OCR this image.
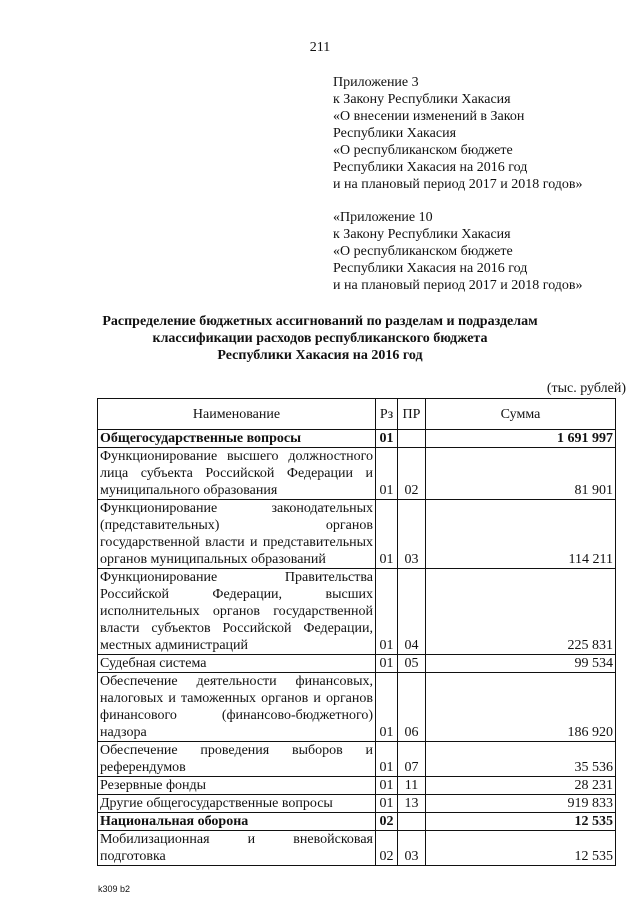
211
Приложение 3
к Закону Республики Хакасия
«О внесении изменений в Закон
Республики Хакасия
«О республиканском бюджете
Республики Хакасия на 2016 год
и на плановый период 2017 и 2018 годов»
«Приложение 10
к Закону Республики Хакасия
«О республиканском бюджете
Республики Хакасия на 2016 год
и на плановый период 2017 и 2018 годов»
Распределение бюджетных ассигнований по разделам и подразделам
классификации расходов республиканского бюджета
Республики Хакасия на 2016 год
(тыс. рублей)
Наименование	Рз	ПР	Сумма
Общегосударственные вопросы	01		1 691 997
Функционирование высшего должностного лица субъекта Российской Федерации и муниципального образования	01	02	81 901
Функционирование законодательных (представительных) органов государственной власти и представительных органов муниципальных образований	01	03	114 211
Функционирование Правительства Российской Федерации, высших исполнительных органов государственной власти субъектов Российской Федерации, местных администраций	01	04	225 831
Судебная система	01	05	99 534
Обеспечение деятельности финансовых, налоговых и таможенных органов и органов финансового (финансово-бюджетного) надзора	01	06	186 920
Обеспечение проведения выборов и референдумов	01	07	35 536
Резервные фонды	01	11	28 231
Другие общегосударственные вопросы	01	13	919 833
Национальная оборона	02		12 535
Мобилизационная и вневойсковая подготовка	02	03	12 535
k309 b2
